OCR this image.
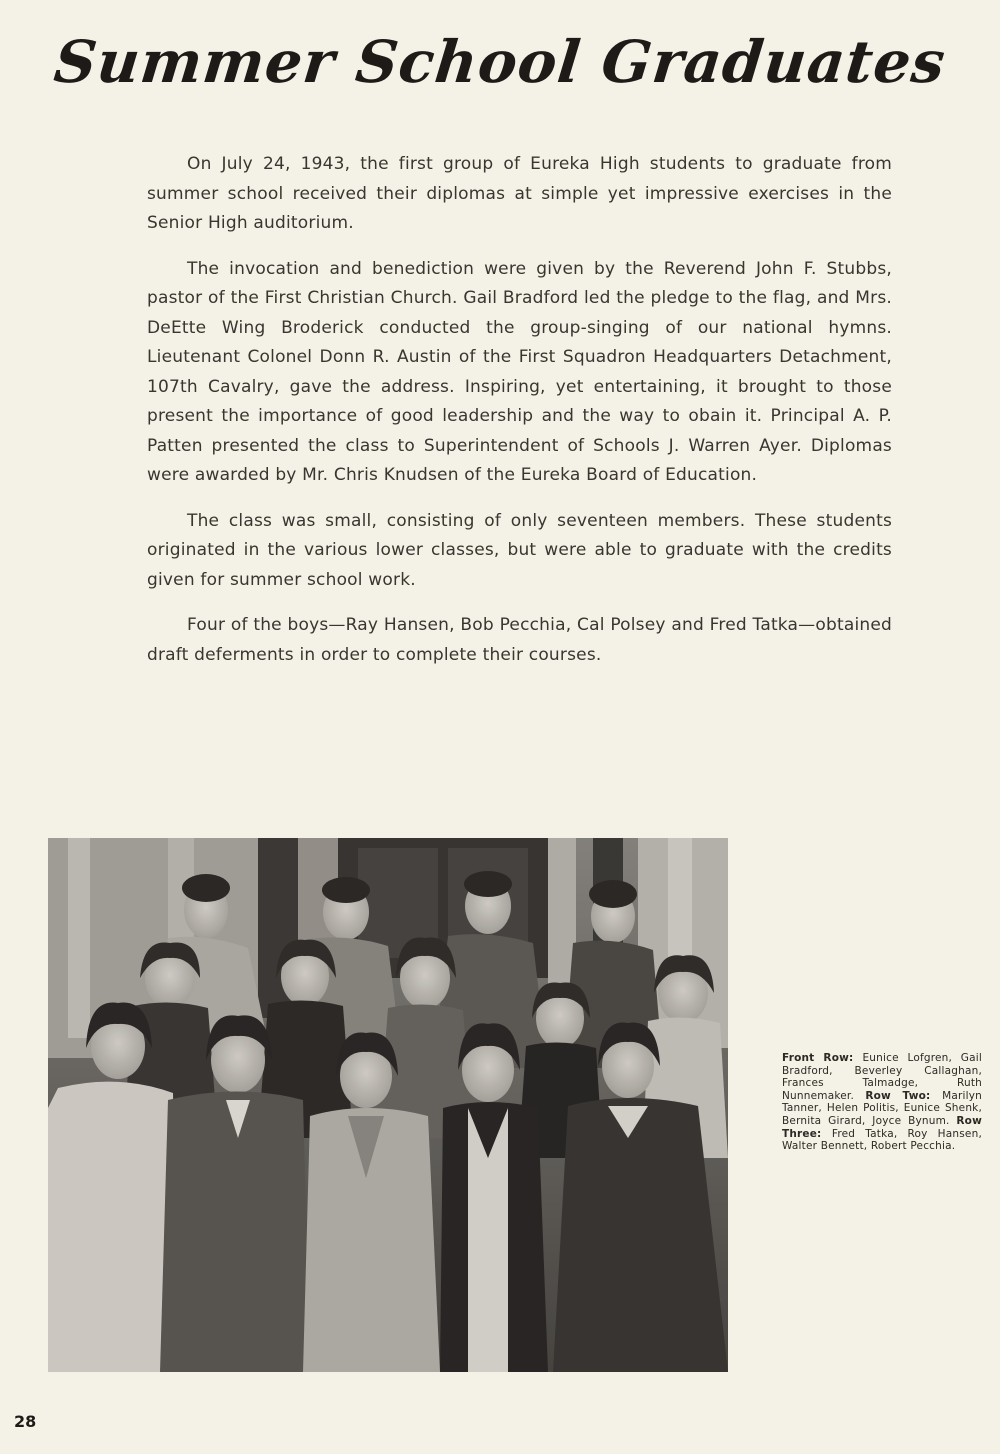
Summer School Graduates

On July 24, 1943, the first group of Eureka High students to graduate from summer school received their diplomas at simple yet impressive exercises in the Senior High auditorium.

The invocation and benediction were given by the Reverend John F. Stubbs, pastor of the First Christian Church. Gail Bradford led the pledge to the flag, and Mrs. DeEtte Wing Broderick conducted the group-singing of our national hymns. Lieutenant Colonel Donn R. Austin of the First Squadron Headquarters Detachment, 107th Cavalry, gave the address. Inspiring, yet entertaining, it brought to those present the importance of good leadership and the way to obain it. Principal A. P. Patten presented the class to Superintendent of Schools J. Warren Ayer. Diplomas were awarded by Mr. Chris Knudsen of the Eureka Board of Education.

The class was small, consisting of only seventeen members. These students originated in the various lower classes, but were able to graduate with the credits given for summer school work.

Four of the boys—Ray Hansen, Bob Pecchia, Cal Polsey and Fred Tatka—obtained draft deferments in order to complete their courses.

Front Row: Eunice Lofgren, Gail Bradford, Beverley Callaghan, Frances Talmadge, Ruth Nunnemaker. Row Two: Marilyn Tanner, Helen Politis, Eunice Shenk, Bernita Girard, Joyce Bynum. Row Three: Fred Tatka, Roy Hansen, Walter Bennett, Robert Pecchia.
28
